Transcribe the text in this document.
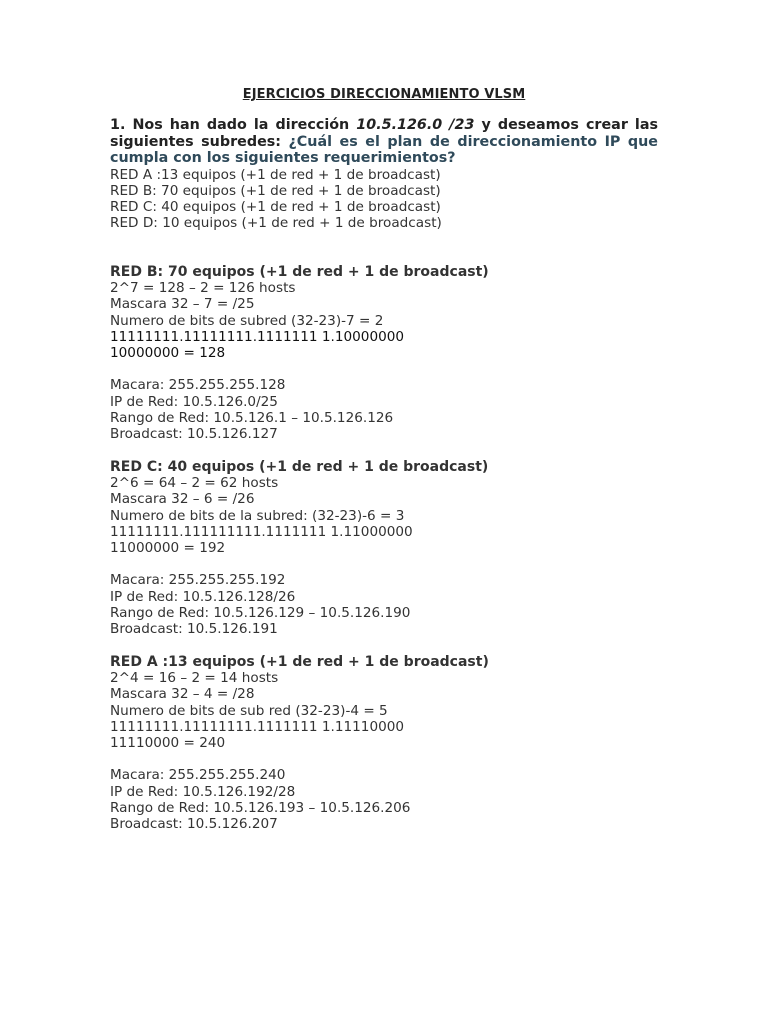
EJERCICIOS DIRECCIONAMIENTO VLSM

1. Nos han dado la dirección 10.5.126.0 /23 y deseamos crear las siguientes subredes: ¿Cuál es el plan de direccionamiento IP que cumpla con los siguientes requerimientos?

RED A :13 equipos (+1 de red + 1 de broadcast)

RED B: 70 equipos (+1 de red + 1 de broadcast)

RED C: 40 equipos (+1 de red + 1 de broadcast)

RED D: 10 equipos (+1 de red + 1 de broadcast)

RED B: 70 equipos (+1 de red + 1 de broadcast)

2^7 = 128 – 2 = 126 hosts

Mascara 32 – 7 = /25

Numero de bits de subred (32-23)-7 = 2

11111111.11111111.1111111 1.10000000

10000000 = 128

Macara: 255.255.255.128

IP de Red: 10.5.126.0/25

Rango de Red: 10.5.126.1 – 10.5.126.126

Broadcast: 10.5.126.127

RED C: 40 equipos (+1 de red + 1 de broadcast)

2^6 = 64 – 2 = 62 hosts

Mascara 32 – 6 = /26

Numero de bits de la subred: (32-23)-6 = 3

11111111.111111111.1111111 1.11000000

11000000 = 192

Macara: 255.255.255.192

IP de Red: 10.5.126.128/26

Rango de Red: 10.5.126.129 – 10.5.126.190

Broadcast: 10.5.126.191

RED A :13 equipos (+1 de red + 1 de broadcast)

2^4 = 16 – 2 = 14 hosts

Mascara 32 – 4 = /28

Numero de bits de sub red (32-23)-4 = 5

11111111.11111111.1111111 1.11110000

11110000 = 240

Macara: 255.255.255.240

IP de Red: 10.5.126.192/28

Rango de Red: 10.5.126.193 – 10.5.126.206

Broadcast: 10.5.126.207
